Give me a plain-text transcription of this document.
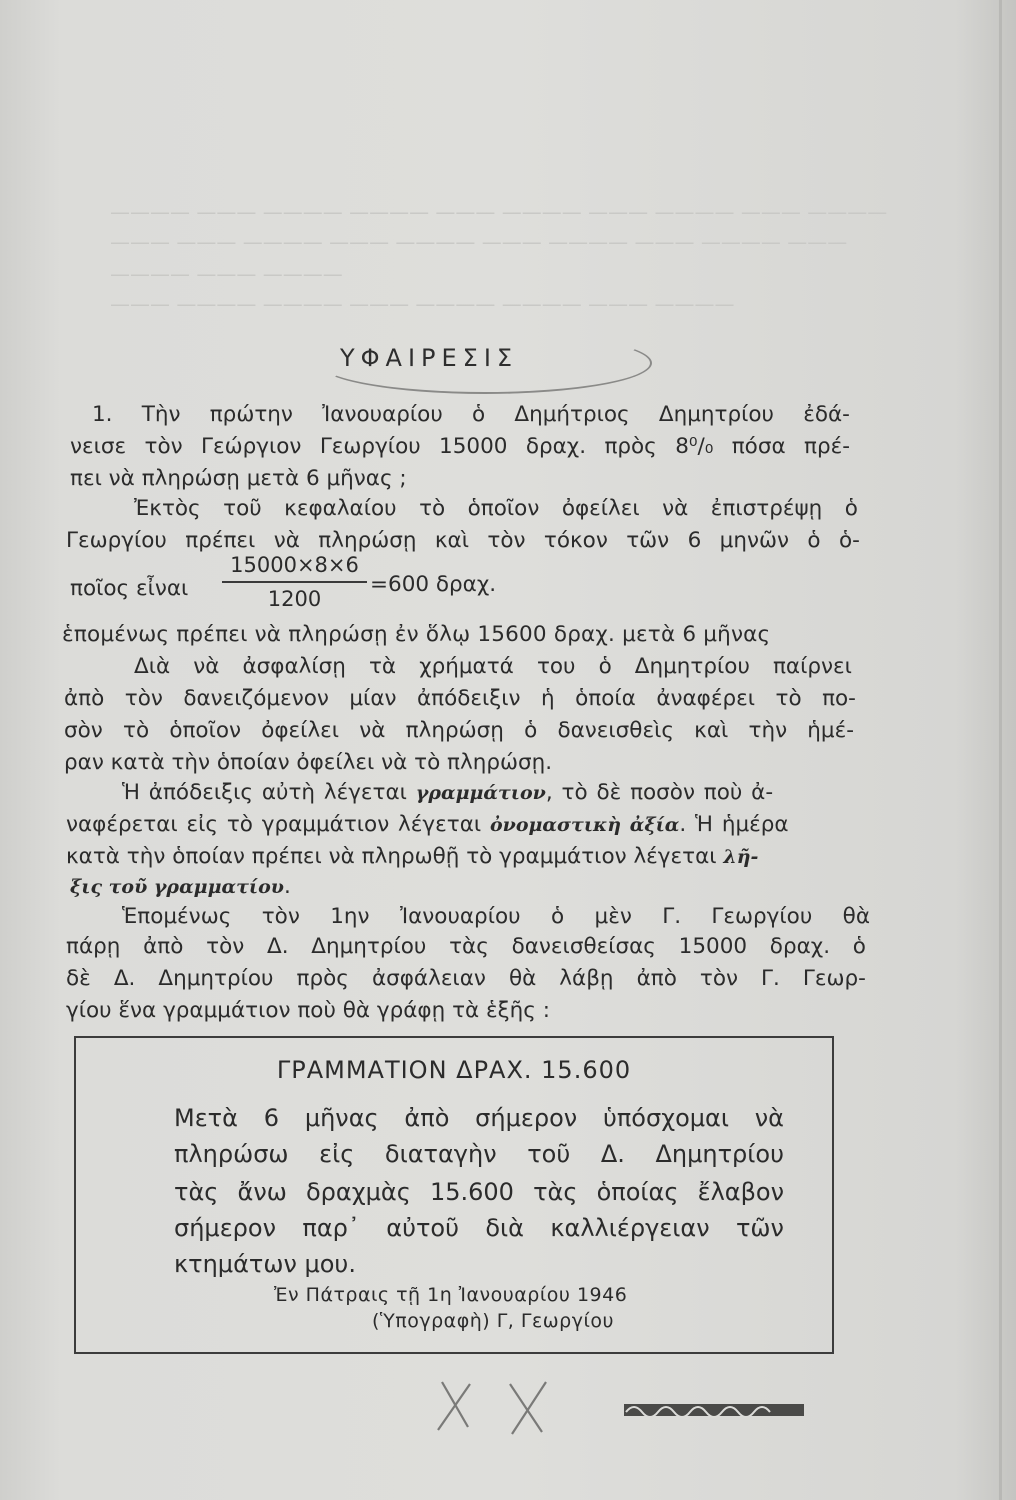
———— ——— ———— ———— ——— ———— ——— ———— ——— ————
——— ——— ———— ——— ———— ——— ———— ——— ———— ———
———— ——— ————
——— ———— ———— ——— ———— ———— ——— ————
ΥΦΑΙΡΕΣΙΣ
1. Τὴν πρώτην Ἰανουαρίου ὁ Δημήτριος Δημητρίου ἐδά-
νεισε τὸν Γεώργιον Γεωργίου 15000 δραχ. πρὸς 8⁰/₀ πόσα πρέ-
πει νὰ πληρώσῃ μετὰ 6 μῆνας ;
Ἐκτὸς τοῦ κεφαλαίου τὸ ὁποῖον ὀφείλει νὰ ἐπιστρέψῃ ὁ
Γεωργίου πρέπει νὰ πληρώσῃ καὶ τὸν τόκον τῶν 6 μηνῶν ὁ ὁ-
ποῖος εἶναι
15000×8×6
1200
=600 δραχ.
ἑπομένως πρέπει νὰ πληρώσῃ ἐν ὅλῳ 15600 δραχ. μετὰ 6 μῆνας
Διὰ νὰ ἀσφαλίσῃ τὰ χρήματά του ὁ Δημητρίου παίρνει
ἀπὸ τὸν δανειζόμενον μίαν ἀπόδειξιν ἡ ὁποία ἀναφέρει τὸ πο-
σὸν τὸ ὁποῖον ὀφείλει νὰ πληρώσῃ ὁ δανεισθεὶς καὶ τὴν ἡμέ-
ραν κατὰ τὴν ὁποίαν ὀφείλει νὰ τὸ πληρώσῃ.
Ἡ ἀπόδειξις αὐτὴ λέγεται γραμμάτιον, τὸ δὲ ποσὸν ποὺ ἀ-
ναφέρεται εἰς τὸ γραμμάτιον λέγεται ὀνομαστικὴ ἀξία. Ἡ ἡμέρα
κατὰ τὴν ὁποίαν πρέπει νὰ πληρωθῇ τὸ γραμμάτιον λέγεται λῆ-
ξις τοῦ γραμματίου.
Ἑπομένως τὸν 1ην Ἰανουαρίου ὁ μὲν Γ. Γεωργίου θὰ
πάρῃ ἀπὸ τὸν Δ. Δημητρίου τὰς δανεισθείσας 15000 δραχ. ὁ
δὲ Δ. Δημητρίου πρὸς ἀσφάλειαν θὰ λάβῃ ἀπὸ τὸν Γ. Γεωρ-
γίου ἕνα γραμμάτιον ποὺ θὰ γράφῃ τὰ ἑξῆς :
ΓΡΑΜΜΑΤΙΟΝ ΔΡΑΧ. 15.600
Μετὰ 6 μῆνας ἀπὸ σήμερον ὑπόσχομαι νὰ
πληρώσω εἰς διαταγὴν τοῦ Δ. Δημητρίου
τὰς ἄνω δραχμὰς 15.600 τὰς ὁποίας ἔλαβον
σήμερον παρ᾽ αὐτοῦ διὰ καλλιέργειαν τῶν
κτημάτων μου.
Ἐν Πάτραις τῇ 1η Ἰανουαρίου 1946
(Ὑπογραφὴ) Γ, Γεωργίου
